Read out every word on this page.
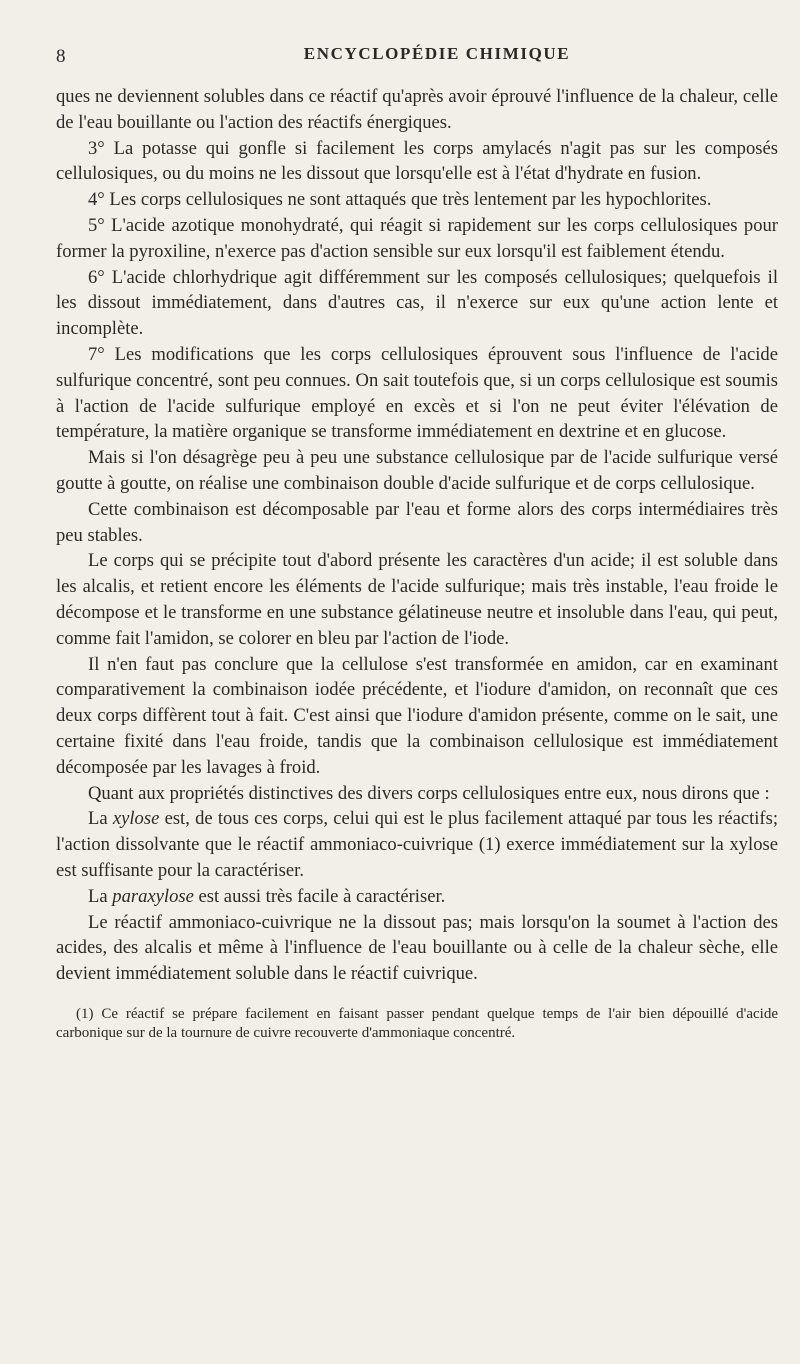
8	ENCYCLOPÉDIE CHIMIQUE

ques ne deviennent solubles dans ce réactif qu'après avoir éprouvé l'influence de la chaleur, celle de l'eau bouillante ou l'action des réactifs énergiques.

3° La potasse qui gonfle si facilement les corps amylacés n'agit pas sur les composés cellulosiques, ou du moins ne les dissout que lorsqu'elle est à l'état d'hydrate en fusion.

4° Les corps cellulosiques ne sont attaqués que très lentement par les hypochlorites.

5° L'acide azotique monohydraté, qui réagit si rapidement sur les corps cellulosiques pour former la pyroxiline, n'exerce pas d'action sensible sur eux lorsqu'il est faiblement étendu.

6° L'acide chlorhydrique agit différemment sur les composés cellulosiques; quelquefois il les dissout immédiatement, dans d'autres cas, il n'exerce sur eux qu'une action lente et incomplète.

7° Les modifications que les corps cellulosiques éprouvent sous l'influence de l'acide sulfurique concentré, sont peu connues. On sait toutefois que, si un corps cellulosique est soumis à l'action de l'acide sulfurique employé en excès et si l'on ne peut éviter l'élévation de température, la matière organique se transforme immédiatement en dextrine et en glucose.

Mais si l'on désagrège peu à peu une substance cellulosique par de l'acide sulfurique versé goutte à goutte, on réalise une combinaison double d'acide sulfurique et de corps cellulosique.

Cette combinaison est décomposable par l'eau et forme alors des corps intermédiaires très peu stables.

Le corps qui se précipite tout d'abord présente les caractères d'un acide; il est soluble dans les alcalis, et retient encore les éléments de l'acide sulfurique; mais très instable, l'eau froide le décompose et le transforme en une substance gélatineuse neutre et insoluble dans l'eau, qui peut, comme fait l'amidon, se colorer en bleu par l'action de l'iode.

Il n'en faut pas conclure que la cellulose s'est transformée en amidon, car en examinant comparativement la combinaison iodée précédente, et l'iodure d'amidon, on reconnaît que ces deux corps diffèrent tout à fait. C'est ainsi que l'iodure d'amidon présente, comme on le sait, une certaine fixité dans l'eau froide, tandis que la combinaison cellulosique est immédiatement décomposée par les lavages à froid.

Quant aux propriétés distinctives des divers corps cellulosiques entre eux, nous dirons que :

La xylose est, de tous ces corps, celui qui est le plus facilement attaqué par tous les réactifs; l'action dissolvante que le réactif ammoniaco-cuivrique (1) exerce immédiatement sur la xylose est suffisante pour la caractériser.

La paraxylose est aussi très facile à caractériser.

Le réactif ammoniaco-cuivrique ne la dissout pas; mais lorsqu'on la soumet à l'action des acides, des alcalis et même à l'influence de l'eau bouillante ou à celle de la chaleur sèche, elle devient immédiatement soluble dans le réactif cuivrique.

(1) Ce réactif se prépare facilement en faisant passer pendant quelque temps de l'air bien dépouillé d'acide carbonique sur de la tournure de cuivre recouverte d'ammoniaque concentré.
